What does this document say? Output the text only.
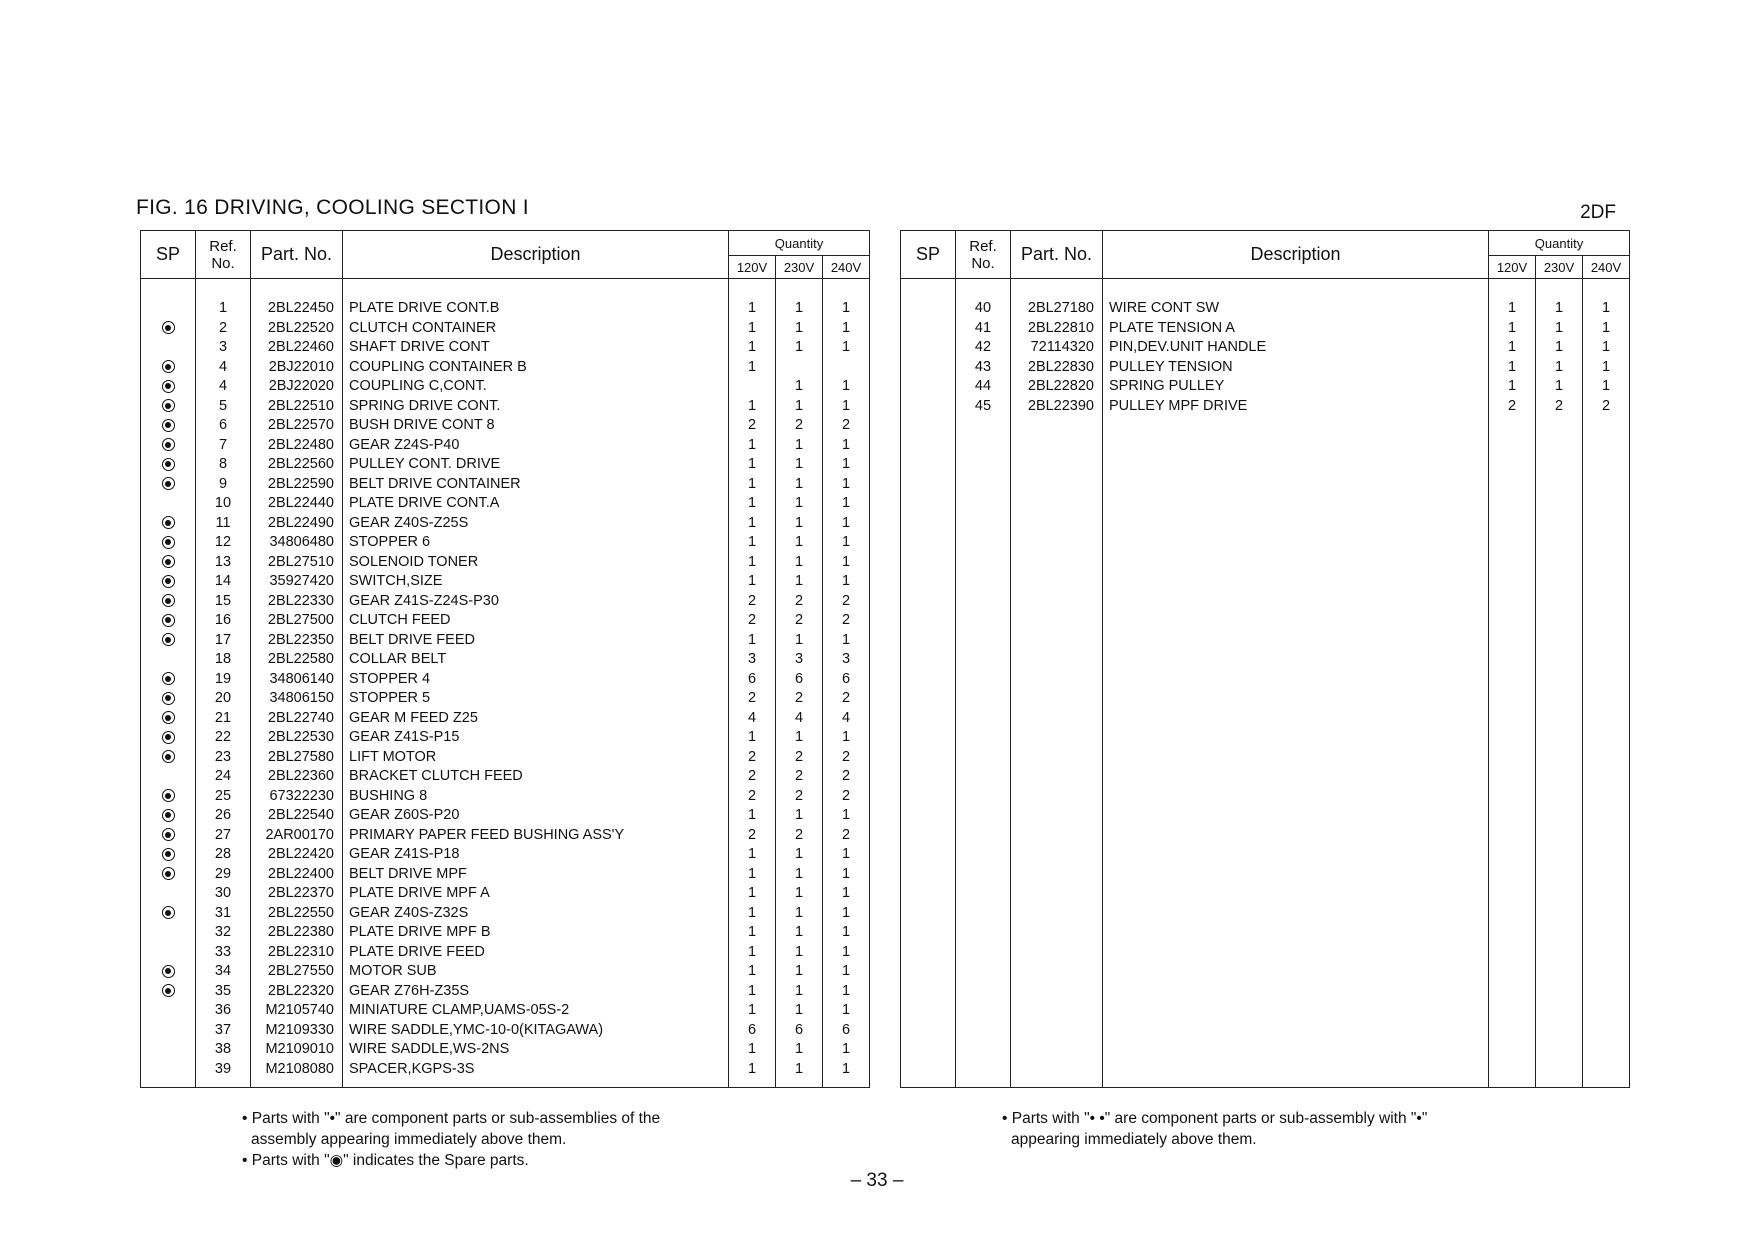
FIG. 16 DRIVING, COOLING SECTION I	2DF
SP	Ref.
No.	Part. No.	Description	Quantity		
				120V	230V	240V
	1	2BL22450	PLATE DRIVE CONT.B	1	1	1
	2	2BL22520	CLUTCH CONTAINER	1	1	1
	3	2BL22460	SHAFT DRIVE CONT	1	1	1
	4	2BJ22010	COUPLING CONTAINER B	1		
	4	2BJ22020	COUPLING C,CONT.		1	1
	5	2BL22510	SPRING DRIVE CONT.	1	1	1
	6	2BL22570	BUSH DRIVE CONT 8	2	2	2
	7	2BL22480	GEAR Z24S-P40	1	1	1
	8	2BL22560	PULLEY CONT. DRIVE	1	1	1
	9	2BL22590	BELT DRIVE CONTAINER	1	1	1
	10	2BL22440	PLATE DRIVE CONT.A	1	1	1
	11	2BL22490	GEAR Z40S-Z25S	1	1	1
	12	34806480	STOPPER 6	1	1	1
	13	2BL27510	SOLENOID TONER	1	1	1
	14	35927420	SWITCH,SIZE	1	1	1
	15	2BL22330	GEAR Z41S-Z24S-P30	2	2	2
	16	2BL27500	CLUTCH FEED	2	2	2
	17	2BL22350	BELT DRIVE FEED	1	1	1
	18	2BL22580	COLLAR BELT	3	3	3
	19	34806140	STOPPER 4	6	6	6
	20	34806150	STOPPER 5	2	2	2
	21	2BL22740	GEAR M FEED Z25	4	4	4
	22	2BL22530	GEAR Z41S-P15	1	1	1
	23	2BL27580	LIFT MOTOR	2	2	2
	24	2BL22360	BRACKET CLUTCH FEED	2	2	2
	25	67322230	BUSHING 8	2	2	2
	26	2BL22540	GEAR Z60S-P20	1	1	1
	27	2AR00170	PRIMARY PAPER FEED BUSHING ASS'Y	2	2	2
	28	2BL22420	GEAR Z41S-P18	1	1	1
	29	2BL22400	BELT DRIVE MPF	1	1	1
	30	2BL22370	PLATE DRIVE MPF A	1	1	1
	31	2BL22550	GEAR Z40S-Z32S	1	1	1
	32	2BL22380	PLATE DRIVE MPF B	1	1	1
	33	2BL22310	PLATE DRIVE FEED	1	1	1
	34	2BL27550	MOTOR SUB	1	1	1
	35	2BL22320	GEAR Z76H-Z35S	1	1	1
	36	M2105740	MINIATURE CLAMP,UAMS-05S-2	1	1	1
	37	M2109330	WIRE SADDLE,YMC-10-0(KITAGAWA)	6	6	6
	38	M2109010	WIRE SADDLE,WS-2NS	1	1	1
	39	M2108080	SPACER,KGPS-3S	1	1	1

SP	Ref.
No.	Part. No.	Description	Quantity		
				120V	230V	240V
	40	2BL27180	WIRE CONT SW	1	1	1
	41	2BL22810	PLATE TENSION A	1	1	1
	42	72114320	PIN,DEV.UNIT HANDLE	1	1	1
	43	2BL22830	PULLEY TENSION	1	1	1
	44	2BL22820	SPRING PULLEY	1	1	1
	45	2BL22390	PULLEY MPF DRIVE	2	2	2

• Parts with "•" are component parts or sub-assemblies of the
assembly appearing immediately above them.
• Parts with "◉" indicates the Spare parts.
• Parts with "• •" are component parts or sub-assembly with "•"
appearing immediately above them.
– 33 –
